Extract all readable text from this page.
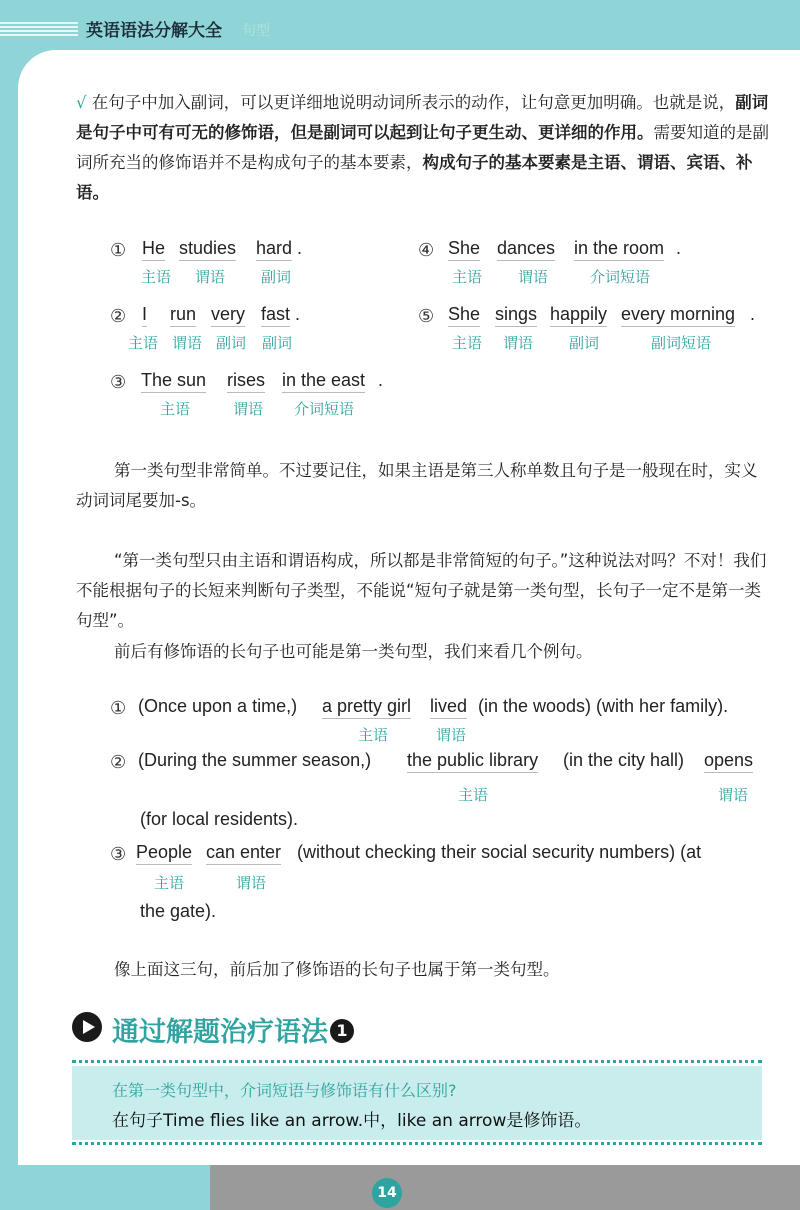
英语语法分解大全 句型
√ 在句子中加入副词，可以更详细地说明动词所表示的动作，让句意更加明确。也就是说，副词是句子中可有可无的修饰语，但是副词可以起到让句子更生动、更详细的作用。需要知道的是副词所充当的修饰语并不是构成句子的基本要素，构成句子的基本要素是主语、谓语、宾语、补语。
① He studies hard .
主语 谓语 副词
④ She dances in the room .
主语 谓语	介词短语
② I run very fast .
主语 谓语 副词 副词
⑤ She sings happily every morning .
主语 谓语 副词	副词短语
③ The sun rises in the east .
主语	谓语 介词短语
第一类句型非常简单。不过要记住，如果主语是第三人称单数且句子是一般现在时，实义动词词尾要加-s。
“第一类句型只由主语和谓语构成，所以都是非常简短的句子。”这种说法对吗？不对！我们不能根据句子的长短来判断句子类型，不能说“短句子就是第一类句型，长句子一定不是第一类句型”。
前后有修饰语的长句子也可能是第一类句型，我们来看几个例句。
① (Once upon a time,) a pretty girl lived (in the woods) (with her family).
主语	谓语
② (During the summer season,) the public library (in the city hall) opens
主语	谓语
(for local residents).
③ People can enter (without checking their social security numbers) (at
主语	谓语
the gate).
像上面这三句，前后加了修饰语的长句子也属于第一类句型。
通过解题治疗语法 1
在第一类句型中，介词短语与修饰语有什么区别?
在句子Time flies like an arrow.中，like an arrow是修饰语。
14
